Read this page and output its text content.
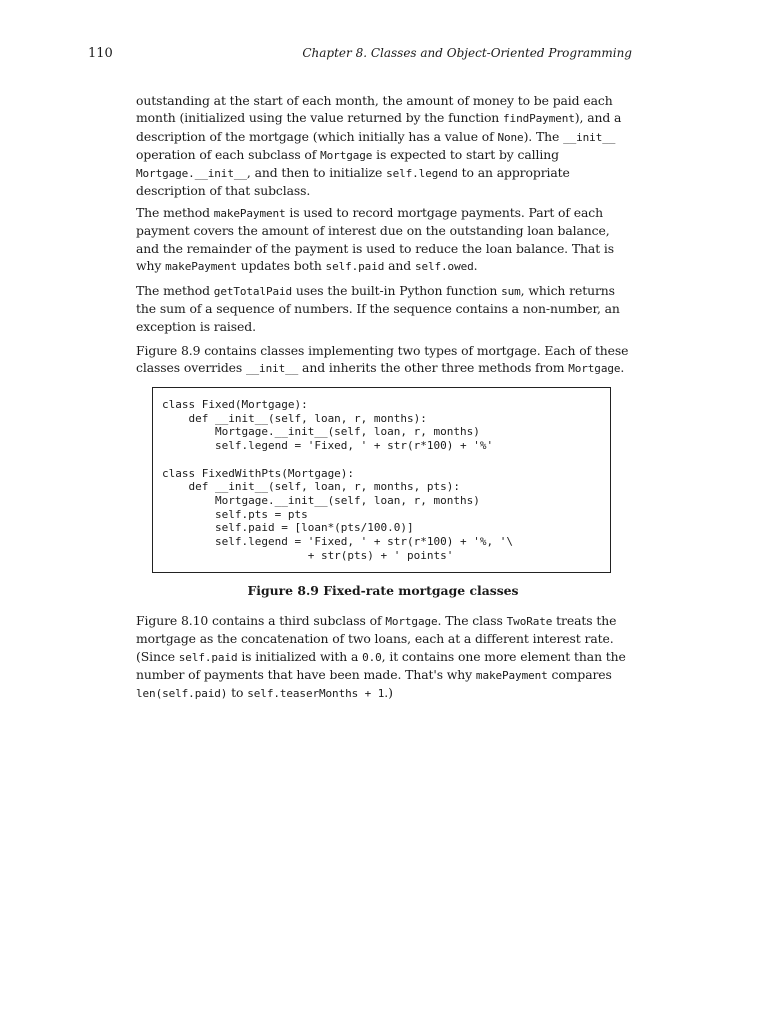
110	Chapter 8. Classes and Object-Oriented Programming

outstanding at the start of each month, the amount of money to be paid each month (initialized using the value returned by the function findPayment), and a description of the mortgage (which initially has a value of None). The __init__ operation of each subclass of Mortgage is expected to start by calling Mortgage.__init__, and then to initialize self.legend to an appropriate description of that subclass.

The method makePayment is used to record mortgage payments. Part of each payment covers the amount of interest due on the outstanding loan balance, and the remainder of the payment is used to reduce the loan balance. That is why makePayment updates both self.paid and self.owed.

The method getTotalPaid uses the built-in Python function sum, which returns the sum of a sequence of numbers. If the sequence contains a non-number, an exception is raised.

Figure 8.9 contains classes implementing two types of mortgage. Each of these classes overrides __init__ and inherits the other three methods from Mortgage.

class Fixed(Mortgage):
def __init__(self, loan, r, months):
Mortgage.__init__(self, loan, r, months)
self.legend = 'Fixed, ' + str(r*100) + '%'

class FixedWithPts(Mortgage):
def __init__(self, loan, r, months, pts):
Mortgage.__init__(self, loan, r, months)
self.pts = pts
self.paid = [loan*(pts/100.0)]
self.legend = 'Fixed, ' + str(r*100) + '%, '\
+ str(pts) + ' points'
Figure 8.9 Fixed-rate mortgage classes

Figure 8.10 contains a third subclass of Mortgage. The class TwoRate treats the mortgage as the concatenation of two loans, each at a different interest rate. (Since self.paid is initialized with a 0.0, it contains one more element than the number of payments that have been made. That's why makePayment compares len(self.paid) to self.teaserMonths + 1.)
